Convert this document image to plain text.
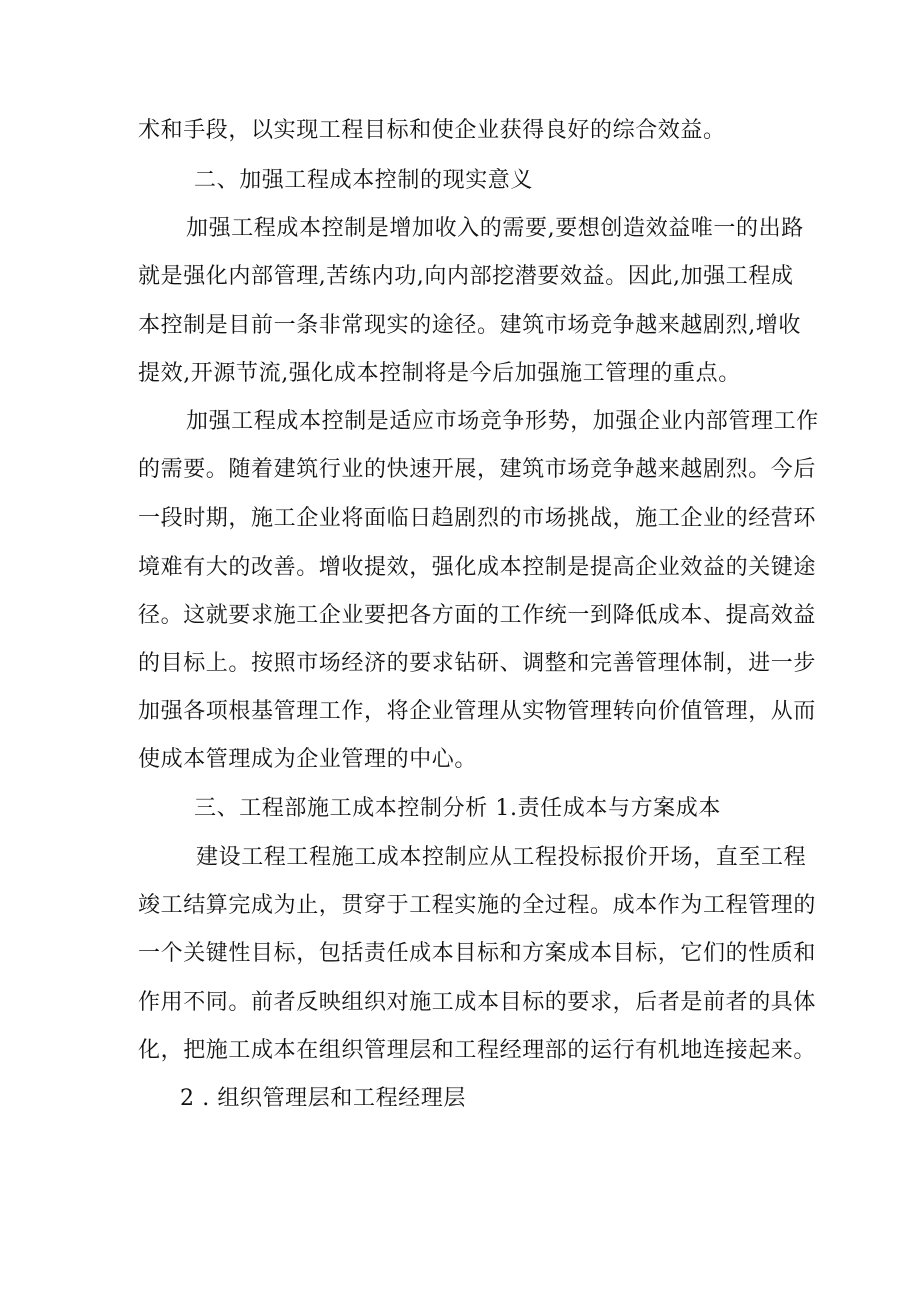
术和手段，以实现工程目标和使企业获得良好的综合效益。

二、加强工程成本控制的现实意义

加强工程成本控制是增加收入的需要,要想创造效益唯一的出路

就是强化内部管理,苦练内功,向内部挖潜要效益。因此,加强工程成

本控制是目前一条非常现实的途径。建筑市场竞争越来越剧烈,增收

提效,开源节流,强化成本控制将是今后加强施工管理的重点。

加强工程成本控制是适应市场竞争形势，加强企业内部管理工作

的需要。随着建筑行业的快速开展，建筑市场竞争越来越剧烈。今后

一段时期，施工企业将面临日趋剧烈的市场挑战，施工企业的经营环

境难有大的改善。增收提效，强化成本控制是提高企业效益的关键途

径。这就要求施工企业要把各方面的工作统一到降低成本、提高效益

的目标上。按照市场经济的要求钻研、调整和完善管理体制，进一步

加强各项根基管理工作，将企业管理从实物管理转向价值管理，从而

使成本管理成为企业管理的中心。

三、工程部施工成本控制分析 1.责任成本与方案成本

建设工程工程施工成本控制应从工程投标报价开场，直至工程

竣工结算完成为止，贯穿于工程实施的全过程。成本作为工程管理的

一个关键性目标，包括责任成本目标和方案成本目标，它们的性质和

作用不同。前者反映组织对施工成本目标的要求，后者是前者的具体

化，把施工成本在组织管理层和工程经理部的运行有机地连接起来。

2 . 组织管理层和工程经理层
